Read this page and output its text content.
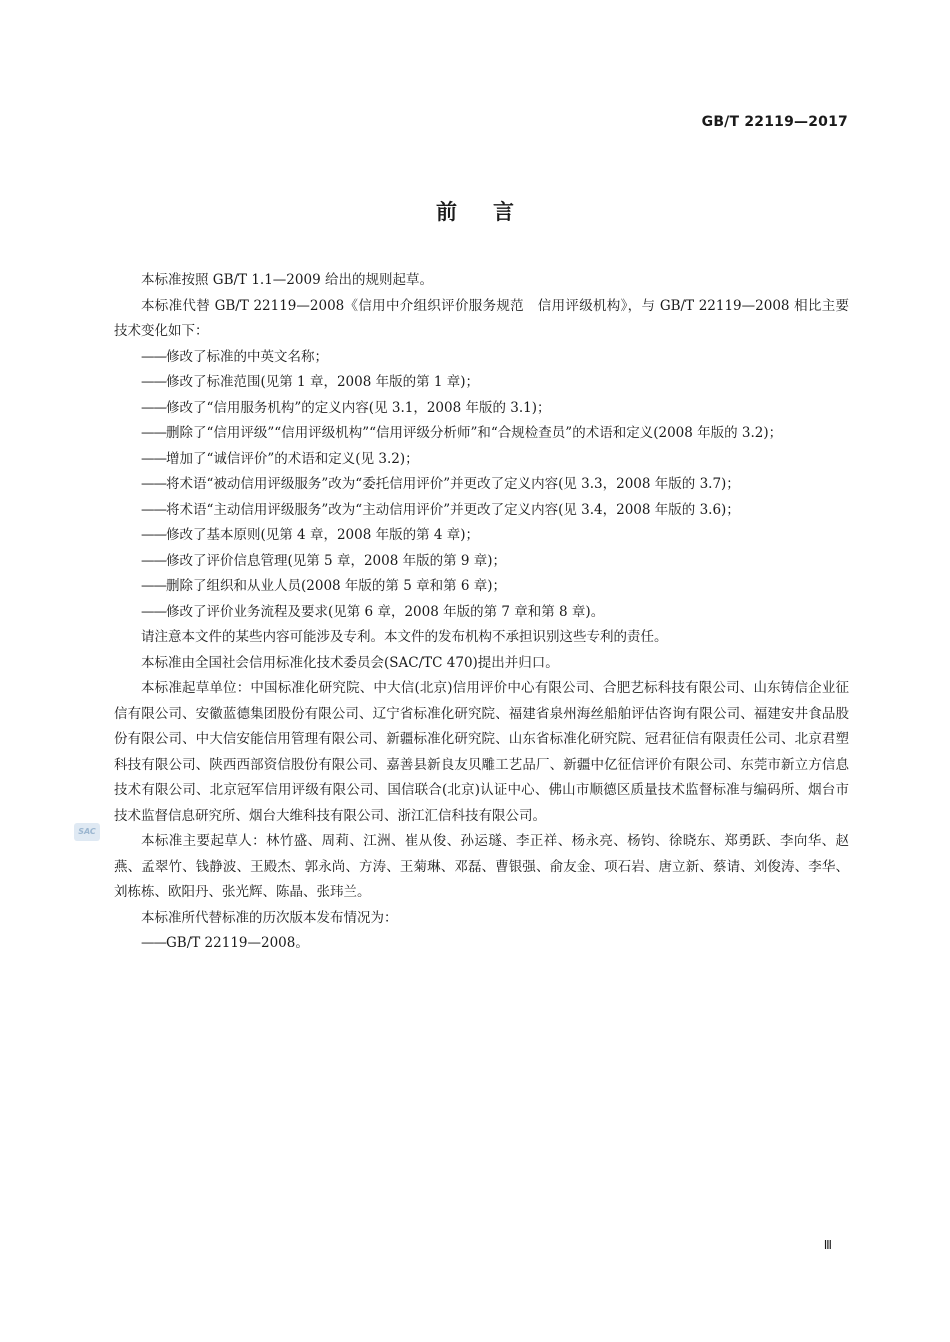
GB/T 22119—2017
前言

本标准按照 GB/T 1.1—2009 给出的规则起草。

本标准代替 GB/T 22119—2008《信用中介组织评价服务规范　信用评级机构》，与 GB/T 22119—2008 相比主要技术变化如下：

——修改了标准的中英文名称；

——修改了标准范围(见第 1 章，2008 年版的第 1 章)；

——修改了“信用服务机构”的定义内容(见 3.1，2008 年版的 3.1)；

——删除了“信用评级”“信用评级机构”“信用评级分析师”和“合规检查员”的术语和定义(2008 年版的 3.2)；

——增加了“诚信评价”的术语和定义(见 3.2)；

——将术语“被动信用评级服务”改为“委托信用评价”并更改了定义内容(见 3.3，2008 年版的 3.7)；

——将术语“主动信用评级服务”改为“主动信用评价”并更改了定义内容(见 3.4，2008 年版的 3.6)；

——修改了基本原则(见第 4 章，2008 年版的第 4 章)；

——修改了评价信息管理(见第 5 章，2008 年版的第 9 章)；

——删除了组织和从业人员(2008 年版的第 5 章和第 6 章)；

——修改了评价业务流程及要求(见第 6 章，2008 年版的第 7 章和第 8 章)。

请注意本文件的某些内容可能涉及专利。本文件的发布机构不承担识别这些专利的责任。

本标准由全国社会信用标准化技术委员会(SAC/TC 470)提出并归口。

本标准起草单位：中国标准化研究院、中大信(北京)信用评价中心有限公司、合肥艺标科技有限公司、山东铸信企业征信有限公司、安徽蓝德集团股份有限公司、辽宁省标准化研究院、福建省泉州海丝船舶评估咨询有限公司、福建安井食品股份有限公司、中大信安能信用管理有限公司、新疆标准化研究院、山东省标准化研究院、冠君征信有限责任公司、北京君塑科技有限公司、陕西西部资信股份有限公司、嘉善县新良友贝雕工艺品厂、新疆中亿征信评价有限公司、东莞市新立方信息技术有限公司、北京冠军信用评级有限公司、国信联合(北京)认证中心、佛山市顺德区质量技术监督标准与编码所、烟台市技术监督信息研究所、烟台大维科技有限公司、浙江汇信科技有限公司。

本标准主要起草人：林竹盛、周莉、江洲、崔从俊、孙运璲、李正祥、杨永亮、杨钧、徐晓东、郑勇跃、李向华、赵燕、孟翠竹、钱静波、王殿杰、郭永尚、方涛、王菊琳、邓磊、曹银强、俞友金、项石岩、唐立新、蔡请、刘俊涛、李华、刘栋栋、欧阳丹、张光辉、陈晶、张玮兰。

本标准所代替标准的历次版本发布情况为：

——GB/T 22119—2008。

SAC
Ⅲ
